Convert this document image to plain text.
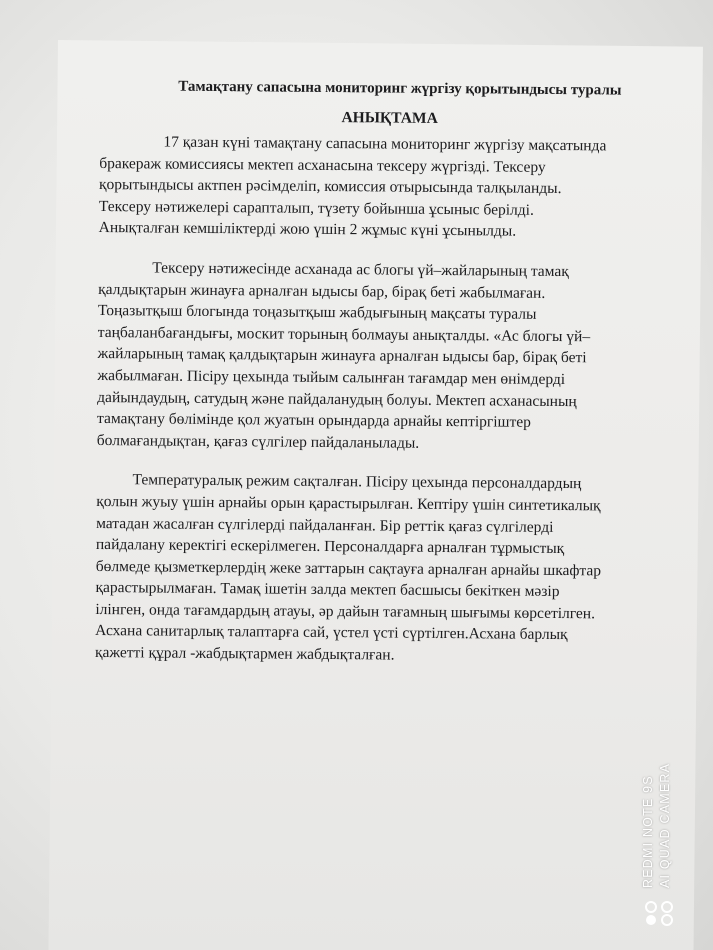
Тамақтану сапасына мониторинг жүргізу қорытындысы туралы
АНЫҚТАМА
17 қазан күні тамақтану сапасына мониторинг жүргізу мақсатында
бракераж комиссиясы мектеп асханасына тексеру жүргізді. Тексеру
қорытындысы актпен рәсімделіп, комиссия отырысында талқыланды.
Тексеру нәтижелері сарапталып, түзету бойынша ұсыныс берілді.
Анықталған кемшіліктерді жою үшін 2 жұмыс күні ұсынылды.
Тексеру нәтижесінде асханада ас блогы үй–жайларының тамақ
қалдықтарын жинауға арналған ыдысы бар, бірақ беті жабылмаған.
Тоңазытқыш блогында тоңазытқыш жабдығының мақсаты туралы
таңбаланбағандығы, москит торының болмауы анықталды. «Ас блогы үй–
жайларының тамақ қалдықтарын жинауға арналған ыдысы бар, бірақ беті
жабылмаған. Пісіру цехында тыйым салынған тағамдар мен өнімдерді
дайындаудың, сатудың және пайдаланудың болуы. Мектеп асханасының
тамақтану бөлімінде қол жуатын орындарда арнайы кептіргіштер
болмағандықтан, қағаз сүлгілер пайдаланылады.
Температуралық режим сақталған. Пісіру цехында персоналдардың
қолын жуыу үшін арнайы орын қарастырылған. Кептіру үшін синтетикалық
матадан жасалған сүлгілерді пайдаланған. Бір реттік қағаз сүлгілерді
пайдалану керектігі ескерілмеген. Персоналдарға арналған тұрмыстық
бөлмеде қызметкерлердің жеке заттарын сақтауға арналған арнайы шкафтар
қарастырылмаған. Тамақ ішетін залда мектеп басшысы бекіткен мәзір
ілінген, онда тағамдардың атауы, әр дайын тағамның шығымы көрсетілген.
Асхана санитарлық талаптарға сай, үстел үсті сүртілген.Асхана барлық
қажетті құрал -жабдықтармен жабдықталған.
REDMI NOTE 9S AI QUAD CAMERA
